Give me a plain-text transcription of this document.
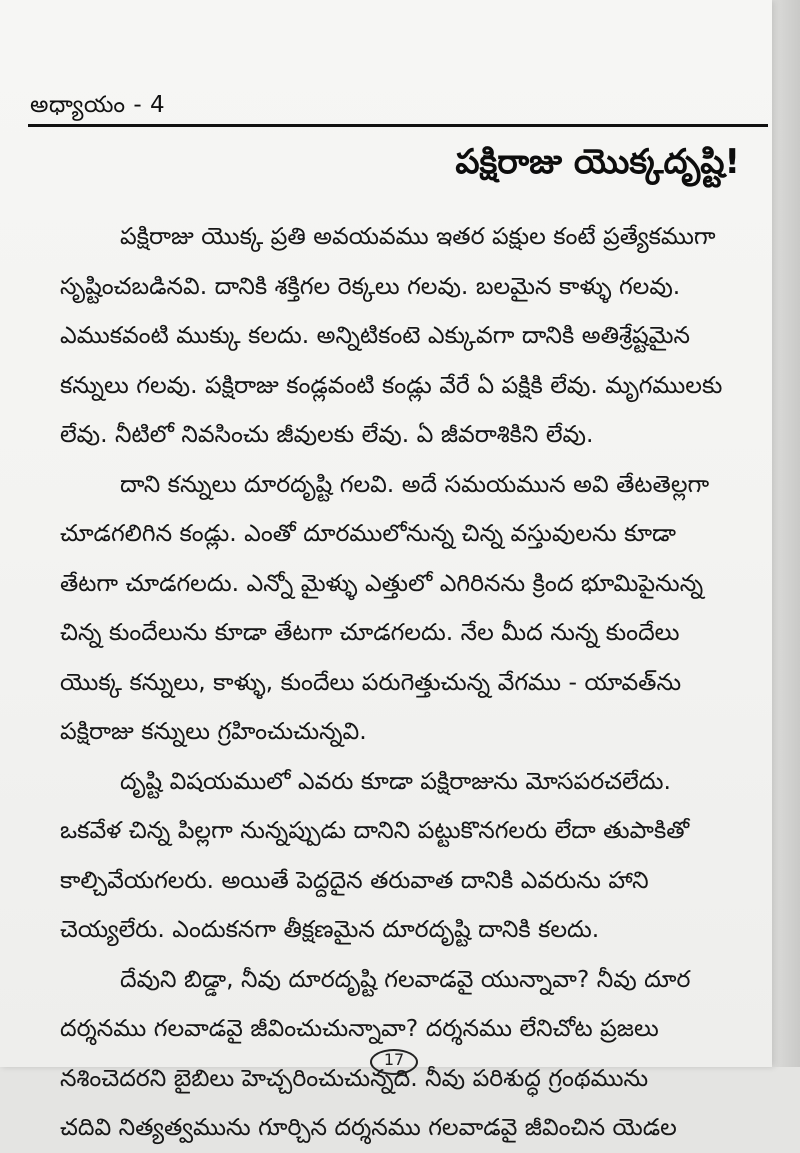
అధ్యాయం - 4
పక్షిరాజు యొక్కదృష్టి!
పక్షిరాజు యొక్క ప్రతి అవయవము ఇతర పక్షుల కంటే ప్రత్యేకముగా
సృష్టించబడినవి. దానికి శక్తిగల రెక్కలు గలవు. బలమైన కాళ్ళు గలవు.
ఎముకవంటి ముక్కు కలదు. అన్నిటికంటె ఎక్కువగా దానికి అతిశ్రేష్టమైన
కన్నులు గలవు. పక్షిరాజు కండ్లవంటి కండ్లు వేరే ఏ పక్షికి లేవు. మృగములకు
లేవు. నీటిలో నివసించు జీవులకు లేవు. ఏ జీవరాశికిని లేవు.
దాని కన్నులు దూరదృష్టి గలవి. అదే సమయమున అవి తేటతెల్లగా
చూడగలిగిన కండ్లు. ఎంతో దూరములోనున్న చిన్న వస్తువులను కూడా
తేటగా చూడగలదు. ఎన్నో మైళ్ళు ఎత్తులో ఎగిరినను క్రింద భూమిపైనున్న
చిన్న కుందేలును కూడా తేటగా చూడగలదు. నేల మీద నున్న కుందేలు
యొక్క కన్నులు, కాళ్ళు, కుందేలు పరుగెత్తుచున్న వేగము - యావత్‌ను
పక్షిరాజు కన్నులు గ్రహించుచున్నవి.
దృష్టి విషయములో ఎవరు కూడా పక్షిరాజును మోసపరచలేదు.
ఒకవేళ చిన్న పిల్లగా నున్నప్పుడు దానిని పట్టుకొనగలరు లేదా తుపాకితో
కాల్చివేయగలరు. అయితే పెద్దదైన తరువాత దానికి ఎవరును హాని
చెయ్యలేరు. ఎందుకనగా తీక్షణమైన దూరదృష్టి దానికి కలదు.
దేవుని బిడ్డా, నీవు దూరదృష్టి గలవాడవై యున్నావా? నీవు దూర
దర్శనము గలవాడవై జీవించుచున్నావా? దర్శనము లేనిచోట ప్రజలు
నశించెదరని బైబిలు హెచ్చరించుచున్నది. నీవు పరిశుద్ధ గ్రంథమును
చదివి నిత్యత్వమును గూర్చిన దర్శనము గలవాడవై జీవించిన యెడల
17
